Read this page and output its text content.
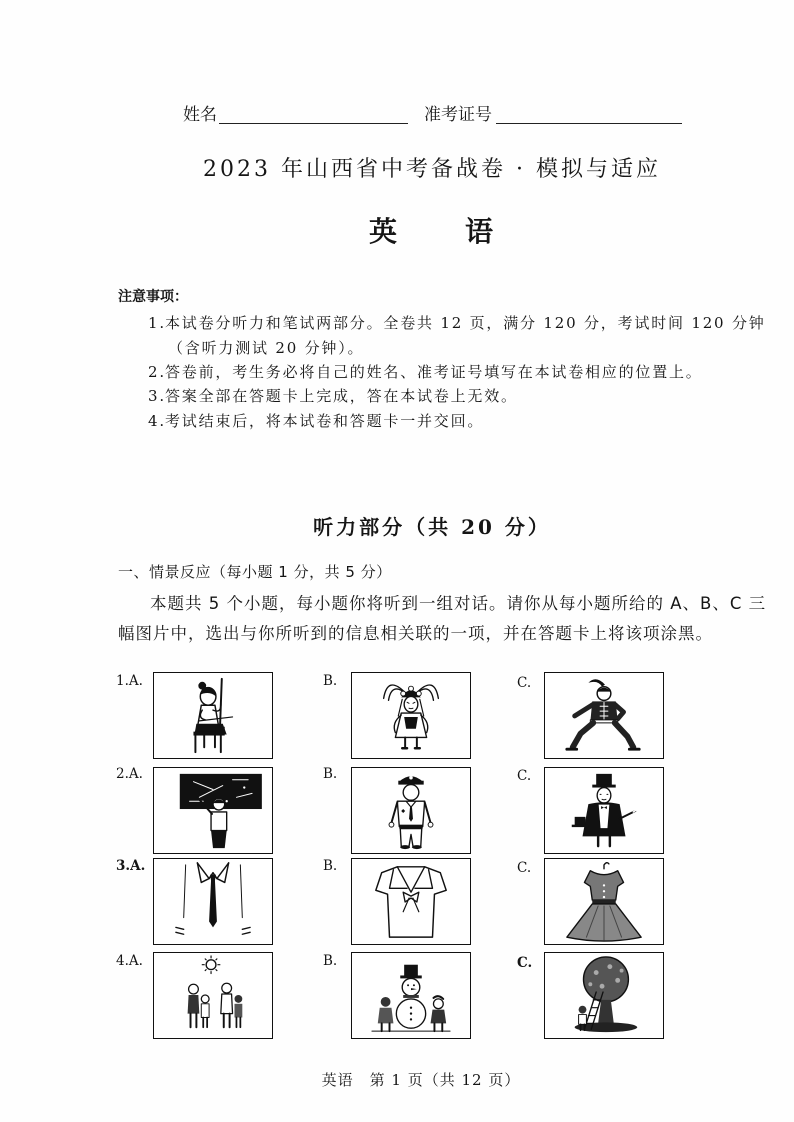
姓名	准考证号
2023 年山西省中考备战卷 · 模拟与适应
英　　语
注意事项：
1. 本试卷分听力和笔试两部分。全卷共 12 页，满分 120 分，考试时间 120 分钟
（含听力测试 20 分钟）。
2. 答卷前，考生务必将自己的姓名、准考证号填写在本试卷相应的位置上。
3. 答案全部在答题卡上完成，答在本试卷上无效。
4. 考试结束后，将本试卷和答题卡一并交回。
听力部分（共 20 分）
一、情景反应（每小题 1 分，共 5 分）
本题共 5 个小题，每小题你将听到一组对话。请你从每小题所给的 A、B、C 三
幅图片中，选出与你所听到的信息相关联的一项，并在答题卡上将该项涂黑。
1.A.	B.	C.
2.A.	B.	C.
3.A.	B.	C.
4.A.	B.	C.
英语　第 1 页（共 12 页）
